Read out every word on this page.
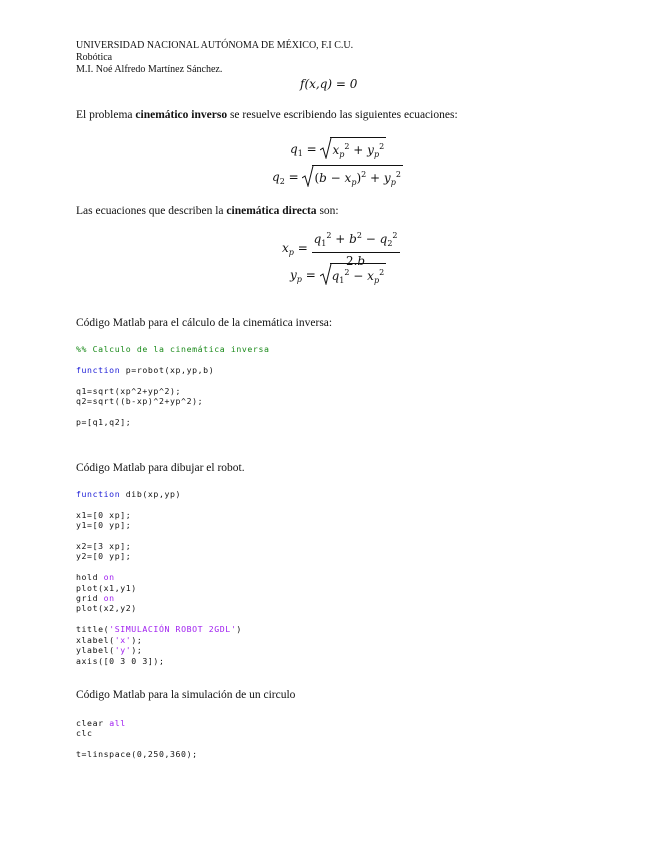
UNIVERSIDAD NACIONAL AUTÓNOMA DE MÉXICO, F.I C.U.
Robótica
M.I. Noé Alfredo Martínez Sánchez.
f(x,q) = 0
El problema cinemático inverso se resuelve escribiendo las siguientes ecuaciones:
$q_1$ =
$x_p^2 + y_p^2$
$q_2$ =
$(b - x_p)^2 + y_p^2$
Las ecuaciones que describen la cinemática directa son:
$x_p = \frac{q_1^2 + b^2 - q_2^2}{2.b}$
$y_p$ =
$q_1^2 - x_p^2$
Código Matlab para el cálculo de la cinemática inversa:
%% Calculo de la cinemática inversa

function p=robot(xp,yp,b)

q1=sqrt(xp^2+yp^2);
q2=sqrt((b-xp)^2+yp^2);

p=[q1,q2];
Código Matlab para dibujar el robot.
function dib(xp,yp)

x1=[0 xp];
y1=[0 yp];

x2=[3 xp];
y2=[0 yp];

hold on
plot(x1,y1)
grid on
plot(x2,y2)

title('SIMULACIÓN ROBOT 2GDL')
xlabel('x');
ylabel('y');
axis([0 3 0 3]);
Código Matlab para la simulación de un circulo
clear all
clc

t=linspace(0,250,360);
